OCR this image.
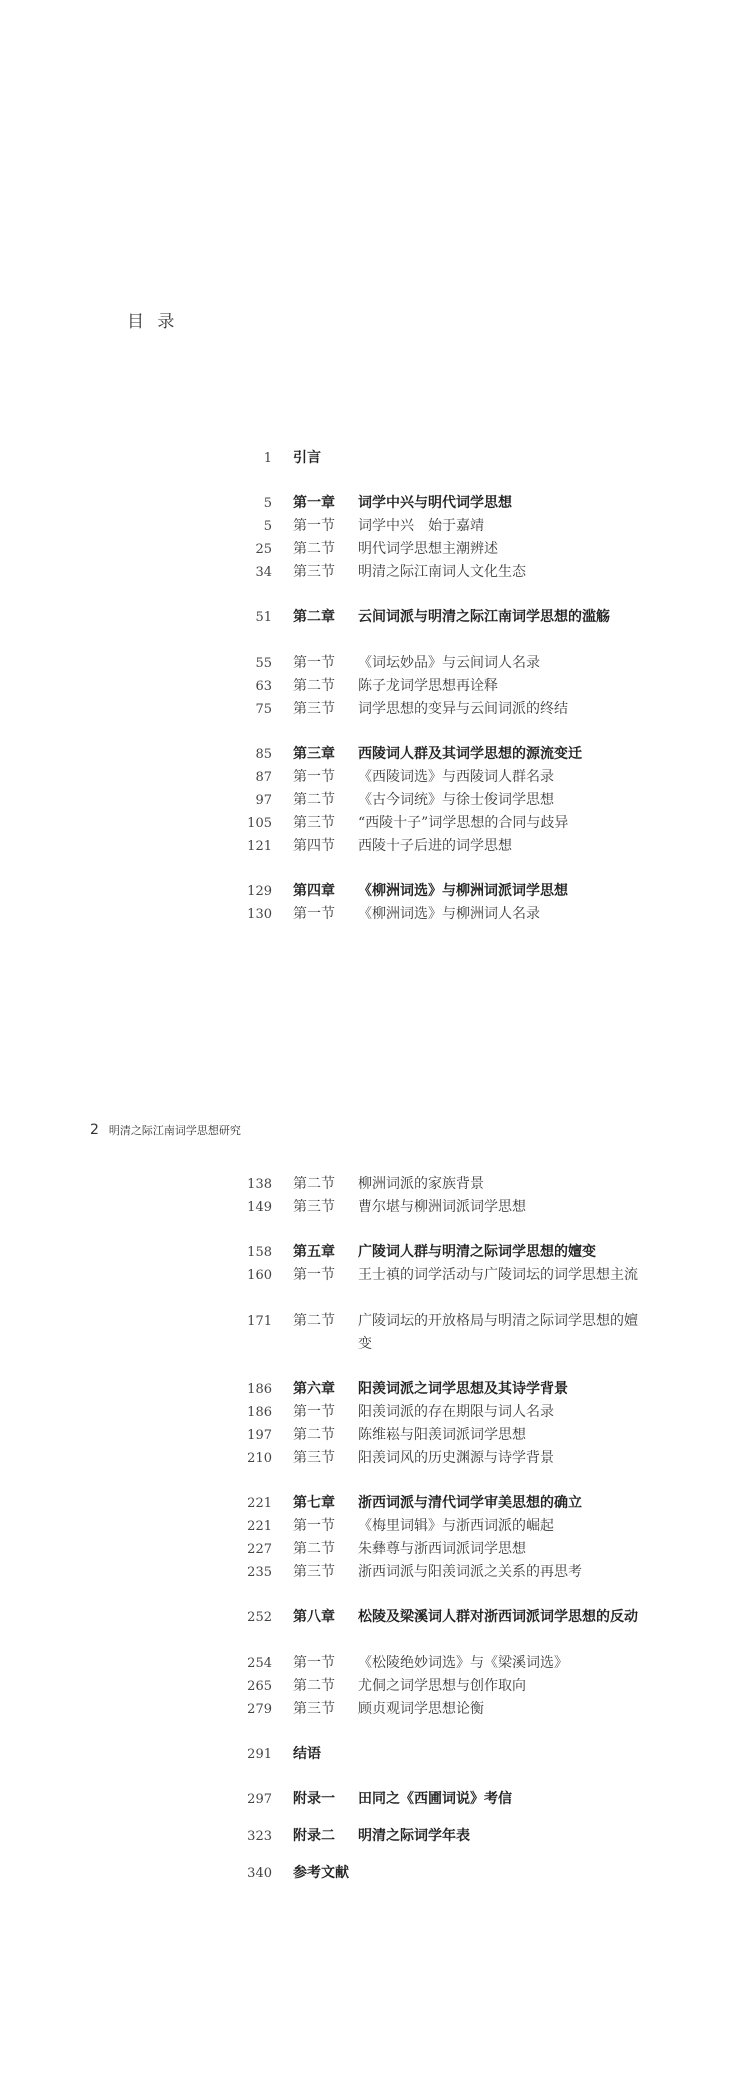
目 录
1 引言
5 第一章 词学中兴与明代词学思想
5 第一节 词学中兴　始于嘉靖
25 第二节 明代词学思想主潮辨述
34 第三节 明清之际江南词人文化生态
51 第二章 云间词派与明清之际江南词学思想的滥觞
55 第一节 《词坛妙品》与云间词人名录
63 第二节 陈子龙词学思想再诠释
75 第三节 词学思想的变异与云间词派的终结
85 第三章 西陵词人群及其词学思想的源流变迁
87 第一节 《西陵词选》与西陵词人群名录
97 第二节 《古今词统》与徐士俊词学思想
105 第三节 “西陵十子”词学思想的合同与歧异
121 第四节 西陵十子后进的词学思想
129 第四章 《柳洲词选》与柳洲词派词学思想
130 第一节 《柳洲词选》与柳洲词人名录
2 明清之际江南词学思想研究
138 第二节 柳洲词派的家族背景
149 第三节 曹尔堪与柳洲词派词学思想
158 第五章 广陵词人群与明清之际词学思想的嬗变
160 第一节 王士禛的词学活动与广陵词坛的词学思想主流
171 第二节 广陵词坛的开放格局与明清之际词学思想的嬗变
186 第六章 阳羡词派之词学思想及其诗学背景
186 第一节 阳羡词派的存在期限与词人名录
197 第二节 陈维崧与阳羡词派词学思想
210 第三节 阳羡词风的历史渊源与诗学背景
221 第七章 浙西词派与清代词学审美思想的确立
221 第一节 《梅里词辑》与浙西词派的崛起
227 第二节 朱彝尊与浙西词派词学思想
235 第三节 浙西词派与阳羡词派之关系的再思考
252 第八章 松陵及梁溪词人群对浙西词派词学思想的反动
254 第一节 《松陵绝妙词选》与《梁溪词选》
265 第二节 尤侗之词学思想与创作取向
279 第三节 顾贞观词学思想论衡
291 结语
297 附录一 田同之《西圃词说》考信
323 附录二 明清之际词学年表
340 参考文献
